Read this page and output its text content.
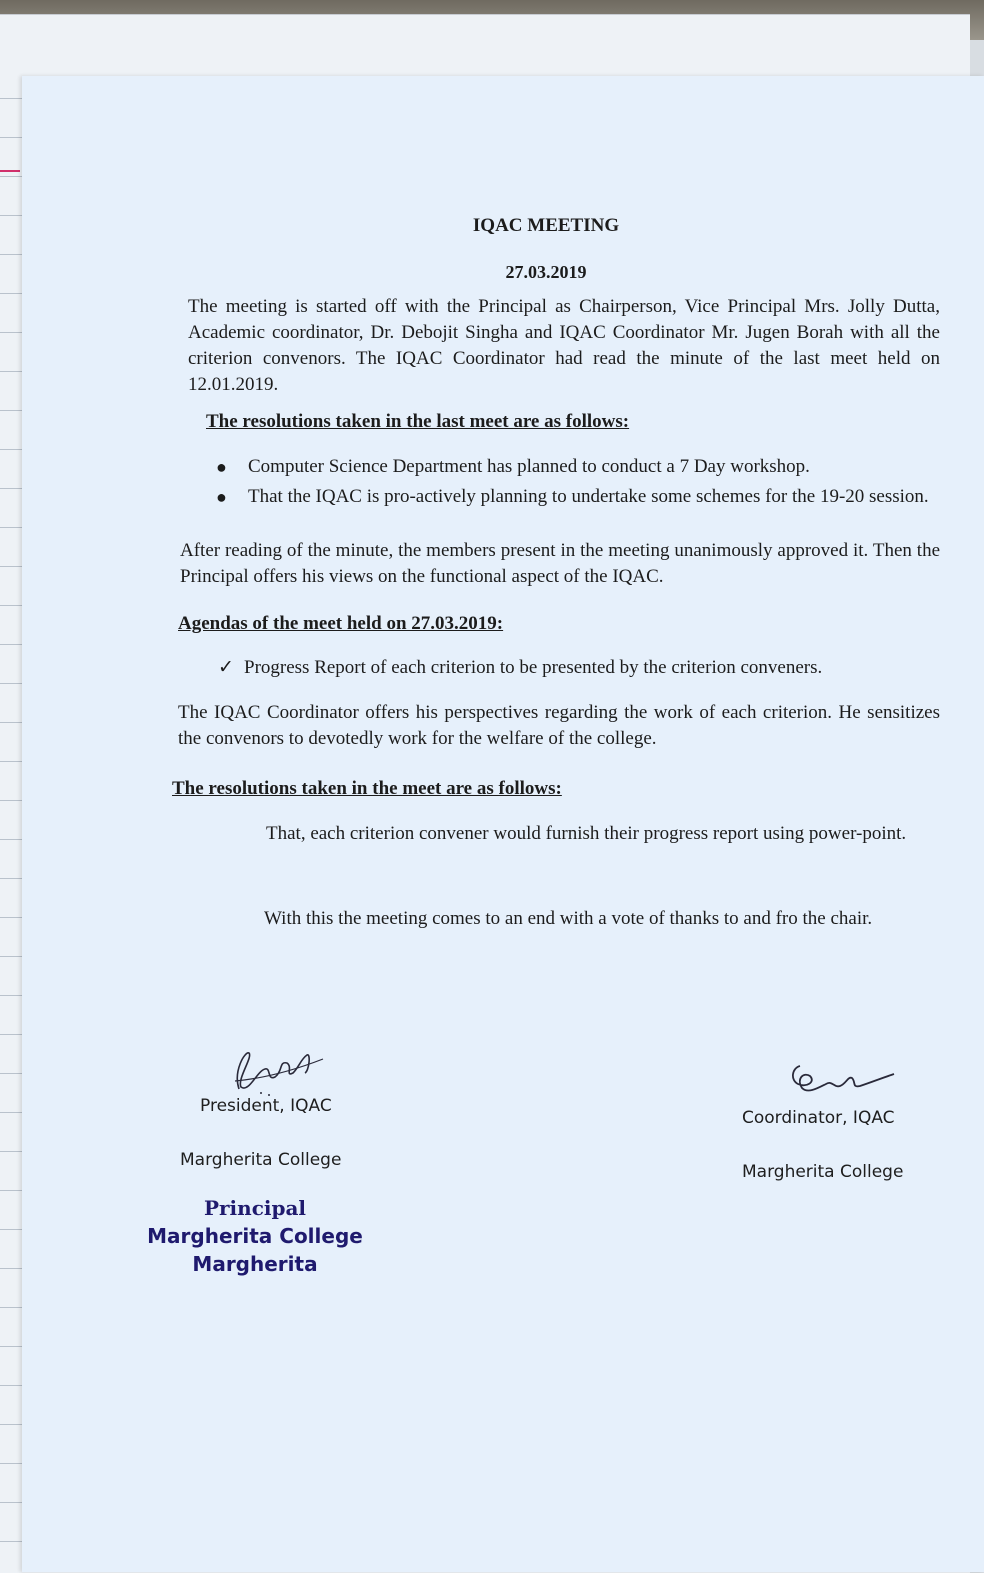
IQAC MEETING
27.03.2019

The meeting is started off with the Principal as Chairperson, Vice Principal Mrs. Jolly Dutta, Academic coordinator, Dr. Debojit Singha and IQAC Coordinator Mr. Jugen Borah with all the criterion convenors. The IQAC Coordinator had read the minute of the last meet held on 12.01.2019.

The resolutions taken in the last meet are as follows:
● Computer Science Department has planned to conduct a 7 Day workshop.
● That the IQAC is pro-actively planning to undertake some schemes for the 19-20 session.

After reading of the minute, the members present in the meeting unanimously approved it. Then the Principal offers his views on the functional aspect of the IQAC.

Agendas of the meet held on 27.03.2019:
✓ Progress Report of each criterion to be presented by the criterion conveners.

The IQAC Coordinator offers his perspectives regarding the work of each criterion. He sensitizes the convenors to devotedly work for the welfare of the college.

The resolutions taken in the meet are as follows:

That, each criterion convener would furnish their progress report using power-point.

With this the meeting comes to an end with a vote of thanks to and fro the chair.

President, IQAC
Margherita College
Coordinator, IQAC
Margherita College
Principal
Margherita College
Margherita
